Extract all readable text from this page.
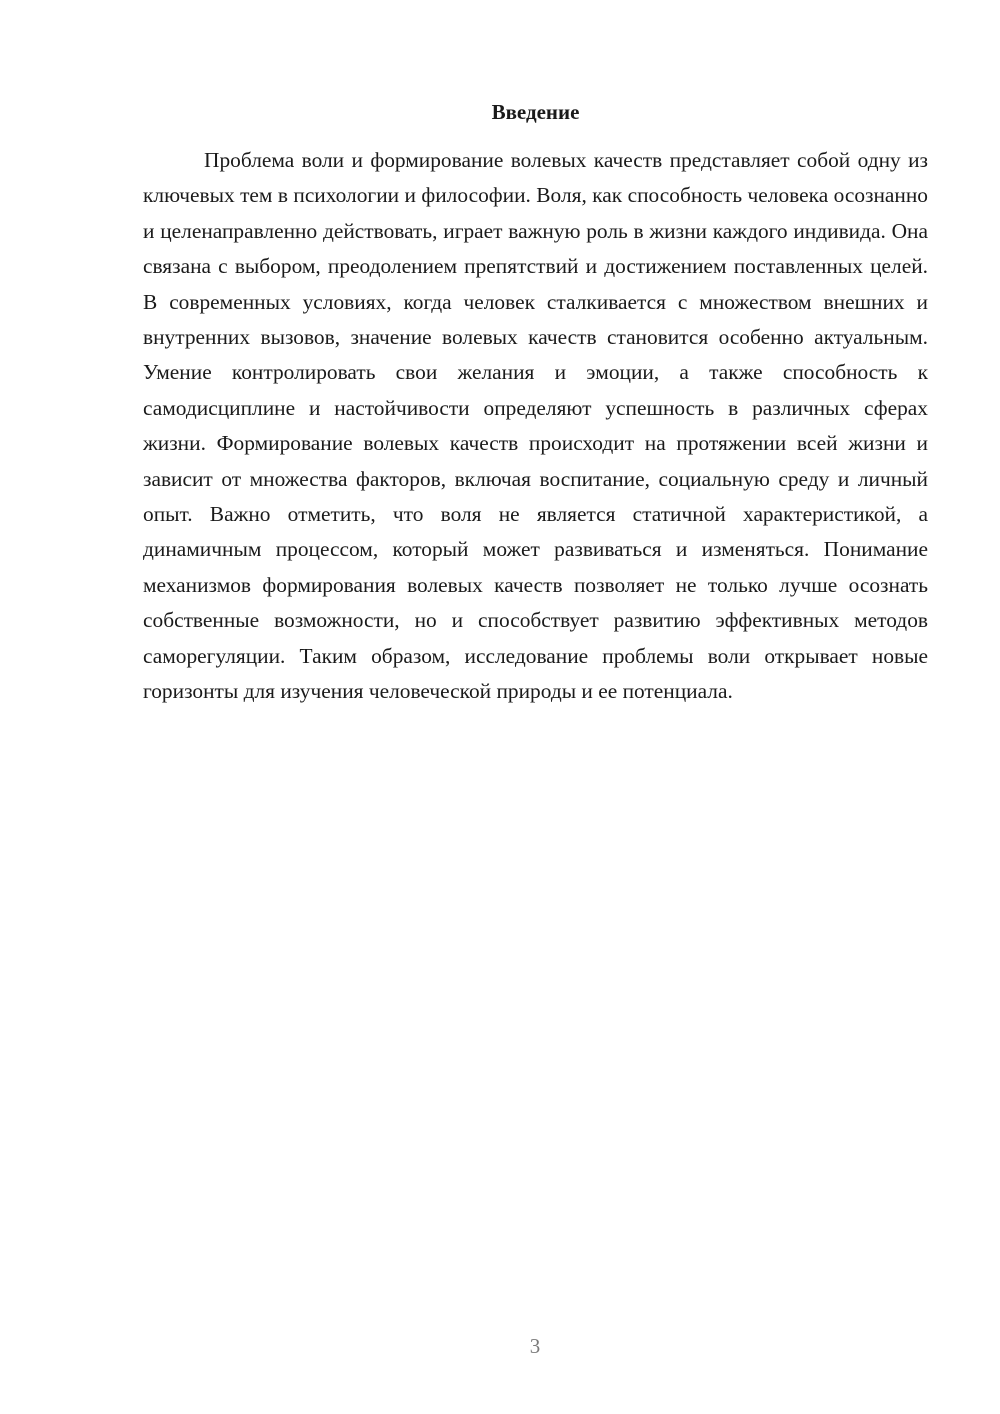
Введение

Проблема воли и формирование волевых качеств представляет собой одну из ключевых тем в психологии и философии. Воля, как способность человека осознанно и целенаправленно действовать, играет важную роль в жизни каждого индивида. Она связана с выбором, преодолением препятствий и достижением поставленных целей. В современных условиях, когда человек сталкивается с множеством внешних и внутренних вызовов, значение волевых качеств становится особенно актуальным. Умение контролировать свои желания и эмоции, а также способность к самодисциплине и настойчивости определяют успешность в различных сферах жизни. Формирование волевых качеств происходит на протяжении всей жизни и зависит от множества факторов, включая воспитание, социальную среду и личный опыт. Важно отметить, что воля не является статичной характеристикой, а динамичным процессом, который может развиваться и изменяться. Понимание механизмов формирования волевых качеств позволяет не только лучше осознать собственные возможности, но и способствует развитию эффективных методов саморегуляции. Таким образом, исследование проблемы воли открывает новые горизонты для изучения человеческой природы и ее потенциала.

3
